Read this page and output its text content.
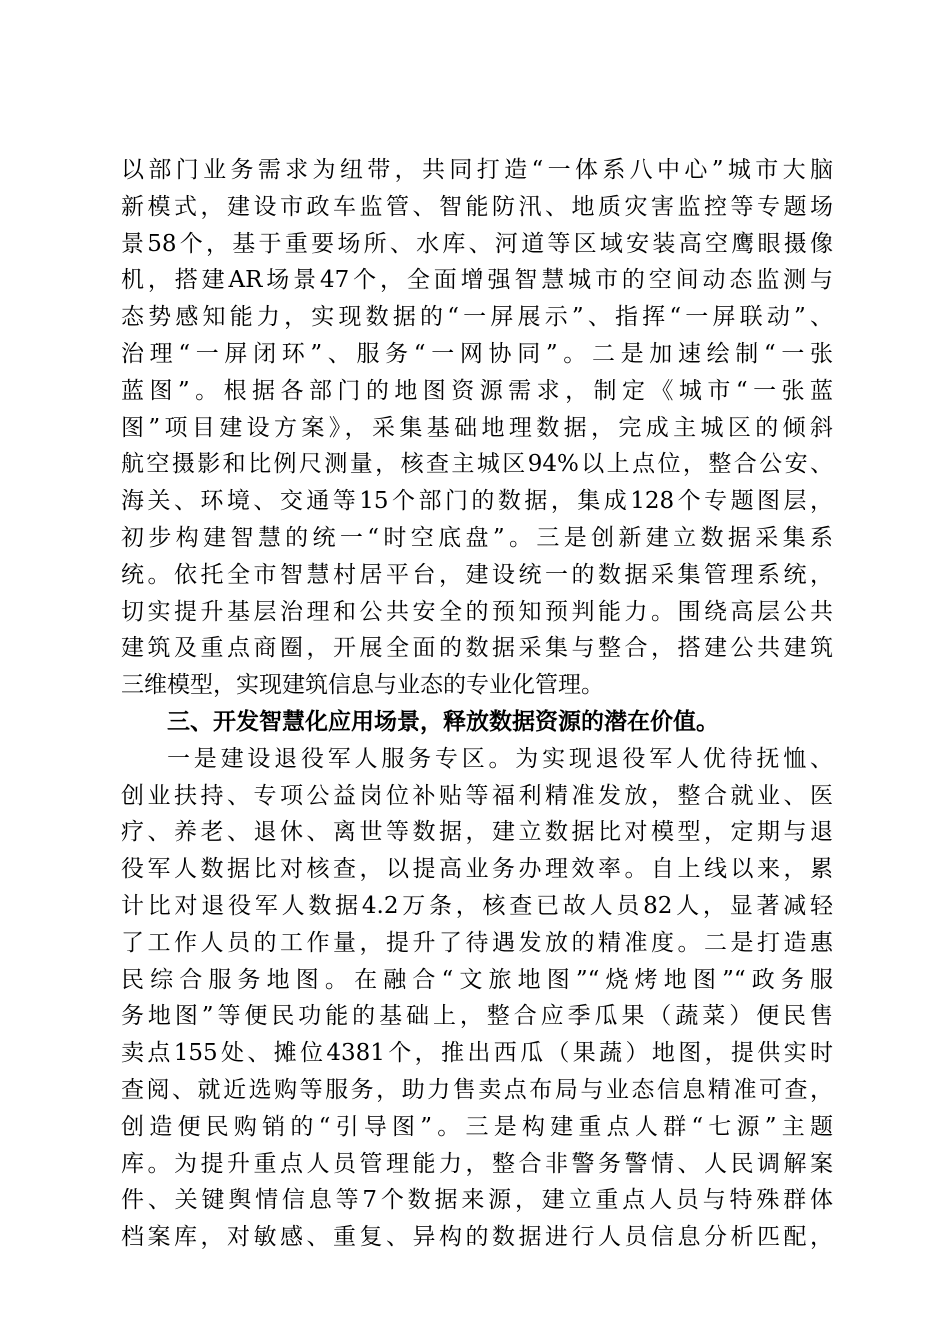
以部门业务需求为纽带，共同打造“一体系八中心”城市大脑
新模式，建设市政车监管、智能防汛、地质灾害监控等专题场
景58个，基于重要场所、水库、河道等区域安装高空鹰眼摄像
机，搭建AR场景47个，全面增强智慧城市的空间动态监测与
态势感知能力，实现数据的“一屏展示”、指挥“一屏联动”、
治理“一屏闭环”、服务“一网协同”。二是加速绘制“一张
蓝图”。根据各部门的地图资源需求，制定《城市“一张蓝
图”项目建设方案》，采集基础地理数据，完成主城区的倾斜
航空摄影和比例尺测量，核查主城区94%以上点位，整合公安、
海关、环境、交通等15个部门的数据，集成128个专题图层，
初步构建智慧的统一“时空底盘”。三是创新建立数据采集系
统。依托全市智慧村居平台，建设统一的数据采集管理系统，
切实提升基层治理和公共安全的预知预判能力。围绕高层公共
建筑及重点商圈，开展全面的数据采集与整合，搭建公共建筑
三维模型，实现建筑信息与业态的专业化管理。
三、开发智慧化应用场景，释放数据资源的潜在价值。
一是建设退役军人服务专区。为实现退役军人优待抚恤、
创业扶持、专项公益岗位补贴等福利精准发放，整合就业、医
疗、养老、退休、离世等数据，建立数据比对模型，定期与退
役军人数据比对核查，以提高业务办理效率。自上线以来，累
计比对退役军人数据4.2万条，核查已故人员82人，显著减轻
了工作人员的工作量，提升了待遇发放的精准度。二是打造惠
民综合服务地图。在融合“文旅地图”“烧烤地图”“政务服
务地图”等便民功能的基础上，整合应季瓜果（蔬菜）便民售
卖点155处、摊位4381个，推出西瓜（果蔬）地图，提供实时
查阅、就近选购等服务，助力售卖点布局与业态信息精准可查，
创造便民购销的“引导图”。三是构建重点人群“七源”主题
库。为提升重点人员管理能力，整合非警务警情、人民调解案
件、关键舆情信息等7个数据来源，建立重点人员与特殊群体
档案库，对敏感、重复、异构的数据进行人员信息分析匹配，
